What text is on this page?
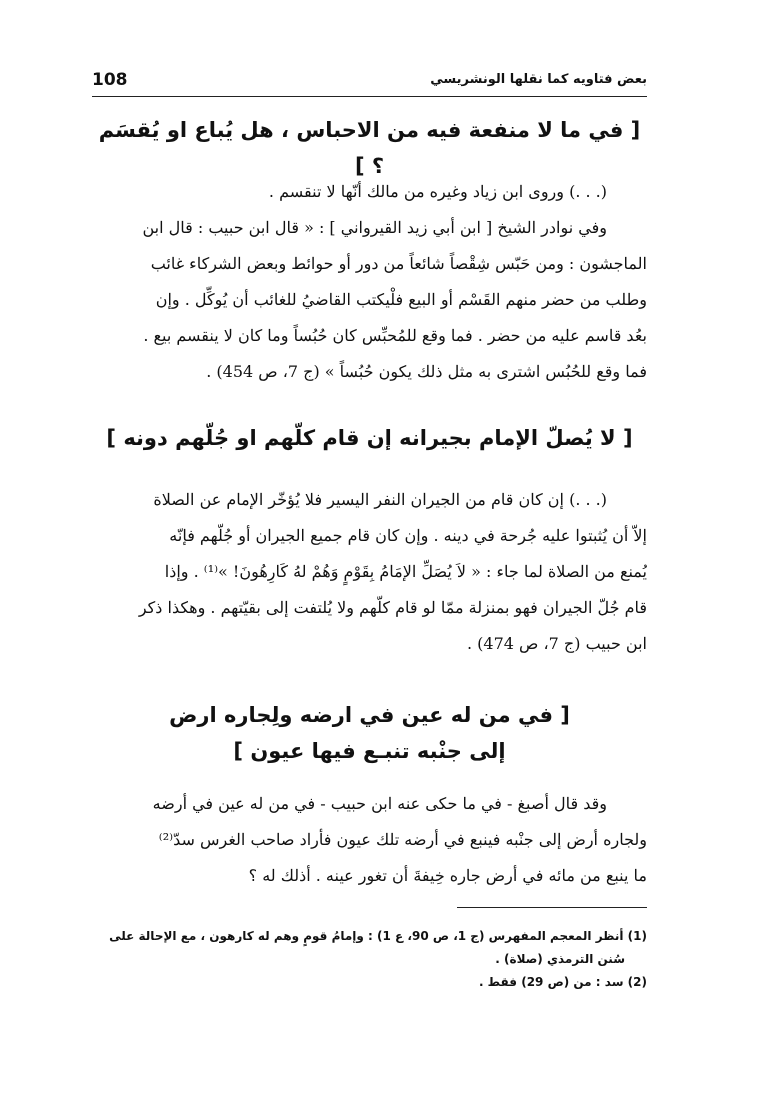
بعض فتاويه كما نقلها الونشريسي
108
[ في ما لا منفعة فيه من الاحباس ، هل يُباع او يُقسَم ؟ ]
(. . .) وروى ابن زياد وغيره من مالك أنّها لا تنقسم .
وفي نوادر الشيخ [ ابن أبي زيد القيرواني ] : « قال ابن حبيب : قال ابن
الماجشون : ومن حَبّس شِقْصاً شائعاً من دور أو حوائط وبعض الشركاء غائب
وطلب من حضر منهم القَسْم أو البيع فلْيكتب القاضيُ للغائب أن يُوكِّل . وإن
بعُد قاسم عليه من حضر . فما وقع للمُحبِّس كان حُبُساً وما كان لا ينقسم بيع .
فما وقع للحُبُس اشترى به مثل ذلك يكون حُبُساً » (ج 7، ص 454) .
[ لا يُصلّ الإمام بجيرانه إن قام كلّهم او جُلّهم دونه ]
(. . .) إن كان قام من الجيران النفر اليسير فلا يُؤخّر الإمام عن الصلاة
إلاّ أن يُثبتوا عليه جُرحة في دينه . وإن كان قام جميع الجيران أو جُلّهم فإنّه
يُمنع من الصلاة لما جاء : « لاَ يُصَلِّ الإمَامُ بِقَوْمٍ وَهُمْ لهُ كَارِهُونَ! »⁽¹⁾ . وإذا
قام جُلّ الجيران فهو بمنزلة ممّا لو قام كلّهم ولا يُلتفت إلى بقيّتهم . وهكذا ذكر
ابن حبيب (ج 7، ص 474) .
[ في من له عين في ارضه ولِجاره ارض
إلى جنْبه تنبـع فيها عيون ]
وقد قال أصبغ - في ما حكى عنه ابن حبيب - في من له عين في أرضه
ولجاره أرض إلى جنْبه فينبع في أرضه تلك عيون فأراد صاحب الغرس سدّ⁽²⁾
ما ينبع من مائه في أرض جاره خِيفةَ أن تغور عينه . أذلك له ؟
(1) أنظر المعجم المفهرس (ج 1، ص 90، ع 1) : وإمامُ قومٍ وهم له كارهون ، مع الإحالة على
سُنن الترمذي (صلاة) .
(2) سد : من (ص 29) فقط .
